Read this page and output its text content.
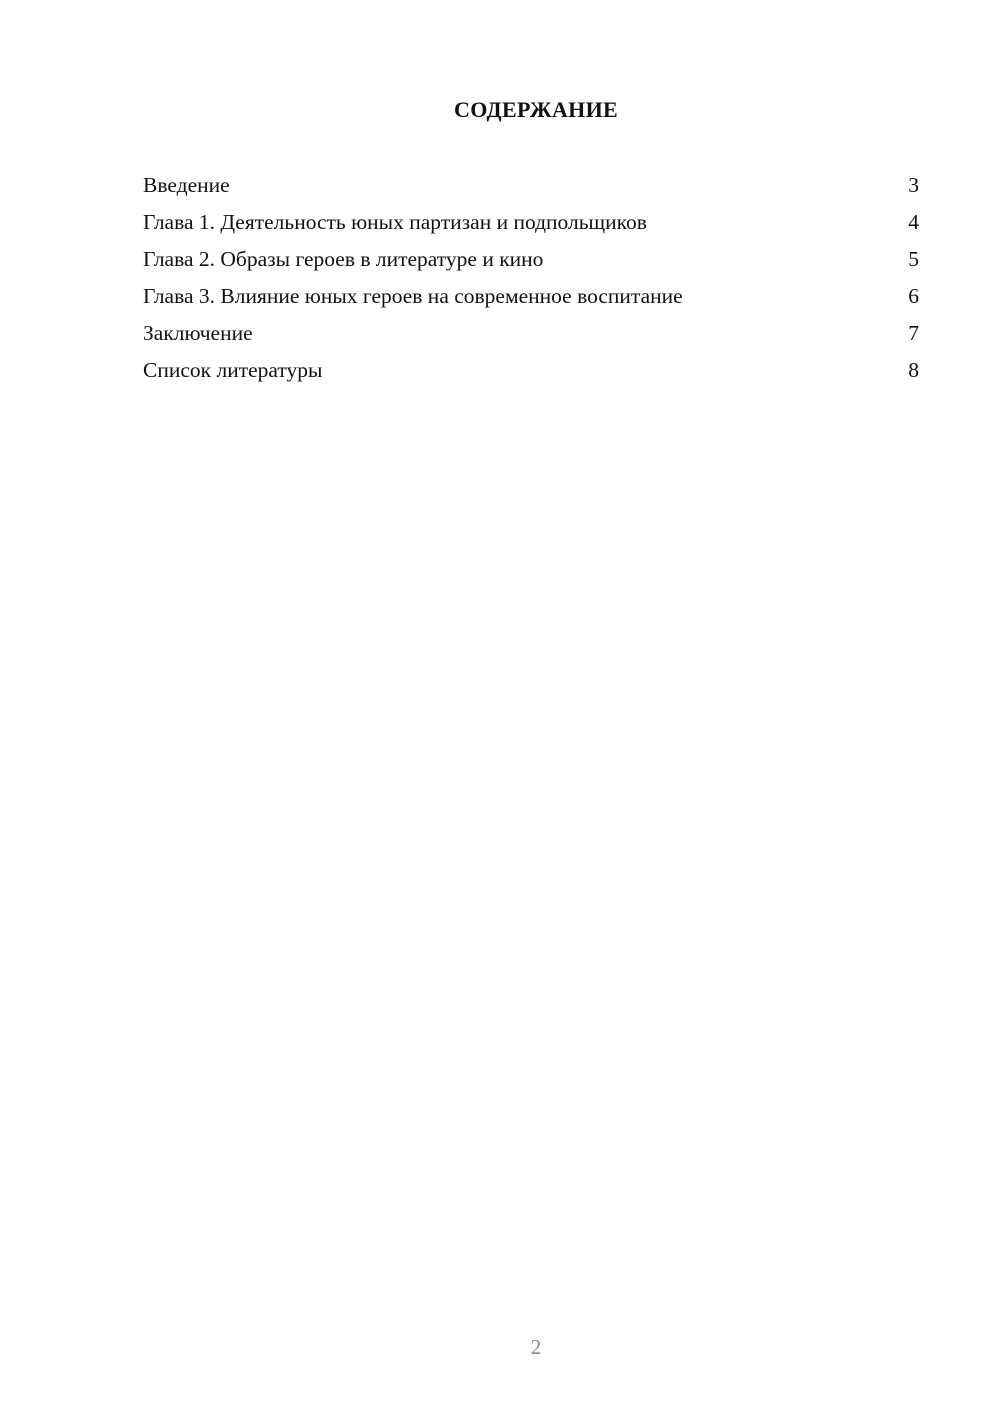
СОДЕРЖАНИЕ
Введение	3
Глава 1. Деятельность юных партизан и подпольщиков	4
Глава 2. Образы героев в литературе и кино	5
Глава 3. Влияние юных героев на современное воспитание	6
Заключение	7
Список литературы	8
2
